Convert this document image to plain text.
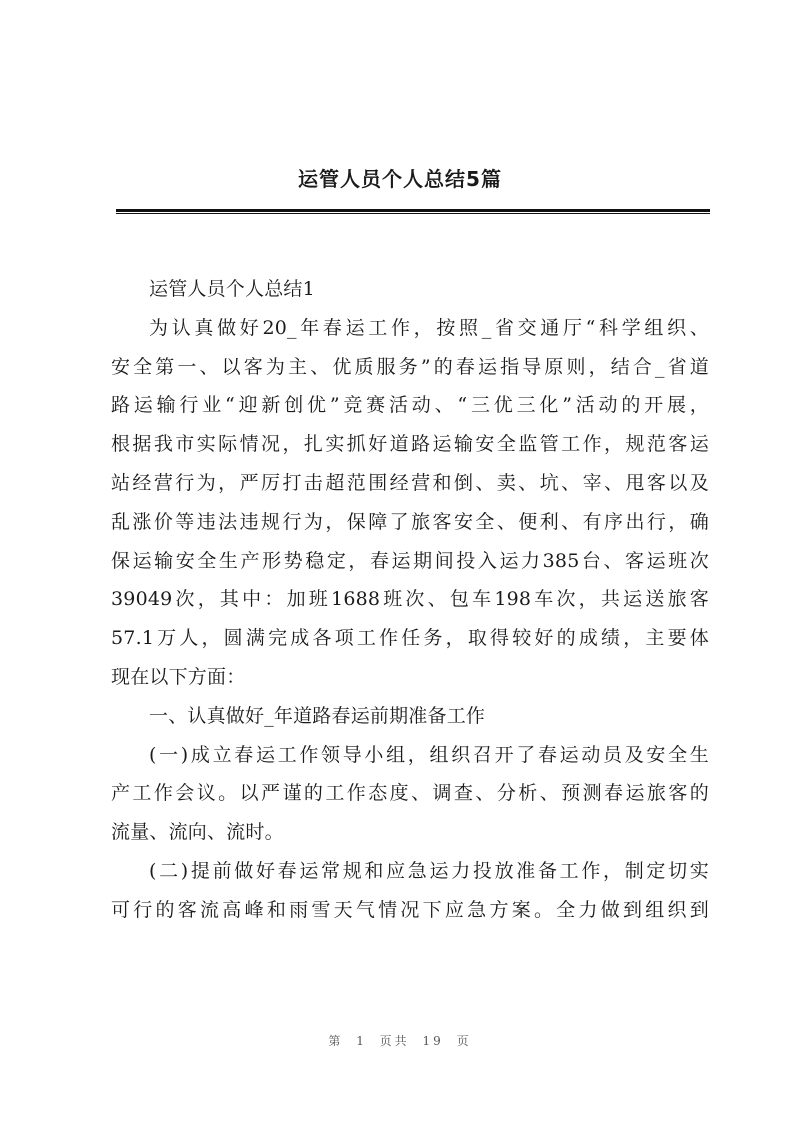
运管人员个人总结5篇
运管人员个人总结1
为认真做好20_年春运工作，按照_省交通厅“科学组织、
安全第一、以客为主、优质服务”的春运指导原则，结合_省道
路运输行业“迎新创优”竞赛活动、“三优三化”活动的开展，
根据我市实际情况，扎实抓好道路运输安全监管工作，规范客运
站经营行为，严厉打击超范围经营和倒、卖、坑、宰、甩客以及
乱涨价等违法违规行为，保障了旅客安全、便利、有序出行，确
保运输安全生产形势稳定，春运期间投入运力385台、客运班次
39049次，其中：加班1688班次、包车198车次，共运送旅客
57.1万人，圆满完成各项工作任务，取得较好的成绩，主要体
现在以下方面：
一、认真做好_年道路春运前期准备工作
(一)成立春运工作领导小组，组织召开了春运动员及安全生
产工作会议。以严谨的工作态度、调查、分析、预测春运旅客的
流量、流向、流时。
(二)提前做好春运常规和应急运力投放准备工作，制定切实
可行的客流高峰和雨雪天气情况下应急方案。全力做到组织到
第 1 页共 19 页
